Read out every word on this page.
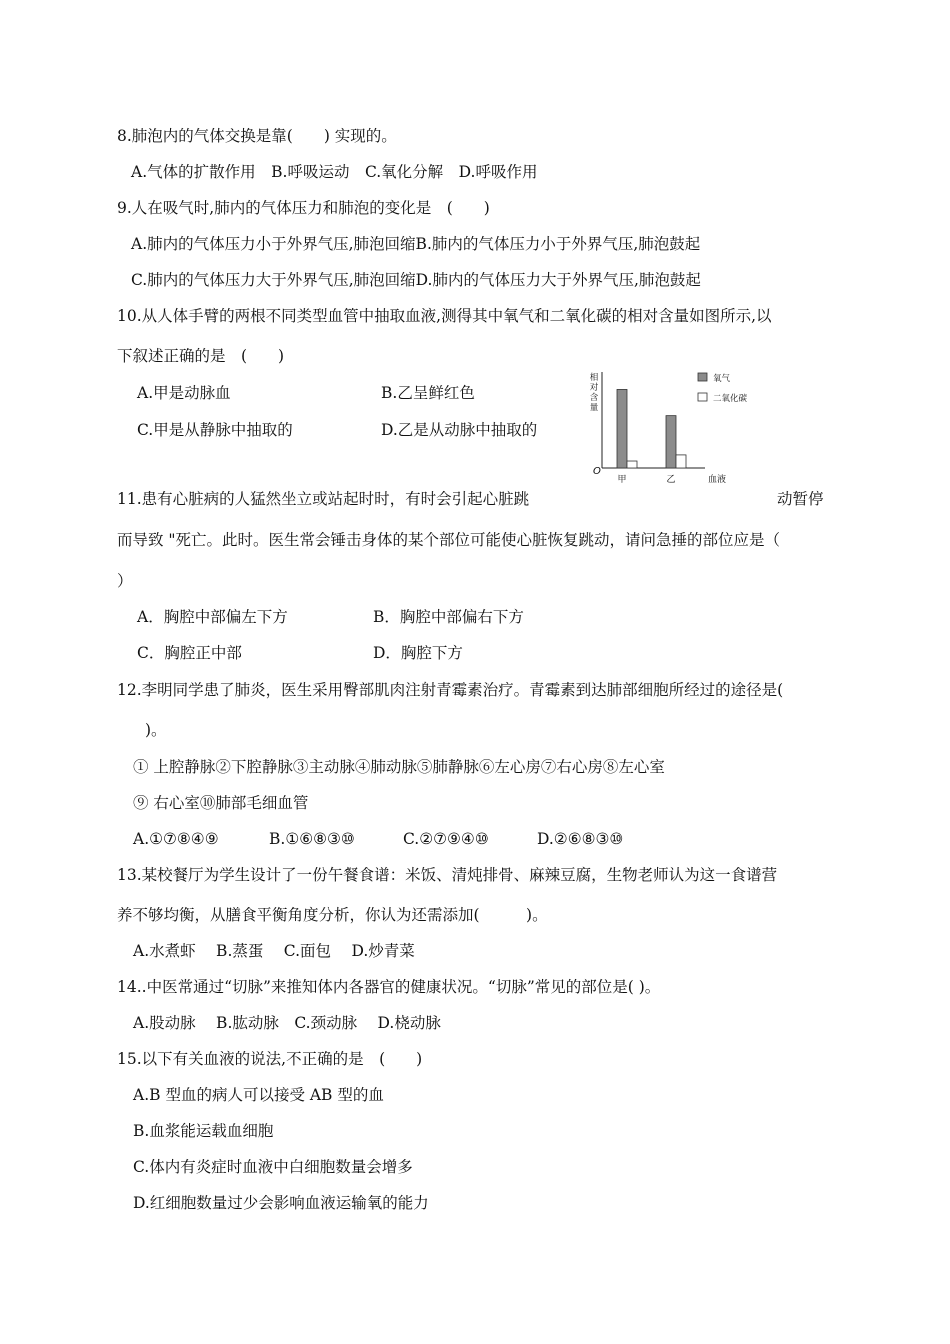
8.肺泡内的气体交换是靠(　　) 实现的。
A.气体的扩散作用　B.呼吸运动　C.氧化分解　D.呼吸作用
9.人在吸气时,肺内的气体压力和肺泡的变化是　(　　)
A.肺内的气体压力小于外界气压,肺泡回缩B.肺内的气体压力小于外界气压,肺泡鼓起
C.肺内的气体压力大于外界气压,肺泡回缩D.肺内的气体压力大于外界气压,肺泡鼓起
10.从人体手臂的两根不同类型血管中抽取血液,测得其中氧气和二氧化碳的相对含量如图所示,以
下叙述正确的是　(　　)
A.甲是动脉血	B.乙呈鲜红色
C.甲是从静脉中抽取的	D.乙是从动脉中抽取的
相
对
含
量
O
血液
甲	乙
氧气
二氧化碳
11.患有心脏病的人猛然坐立或站起时时，有时会引起心脏跳	动暂停
而导致 "死亡。此时。医生常会锤击身体的某个部位可能使心脏恢复跳动，请问急捶的部位应是（
）
A．胸腔中部偏左下方	B．胸腔中部偏右下方
C．胸腔正中部	D．胸腔下方
12.李明同学患了肺炎，医生采用臀部肌肉注射青霉素治疗。青霉素到达肺部细胞所经过的途径是(
)。
① 上腔静脉②下腔静脉③主动脉④肺动脉⑤肺静脉⑥左心房⑦右心房⑧左心室
⑨ 右心室⑩肺部毛细血管
A.①⑦⑧④⑨	B.①⑥⑧③⑩	C.②⑦⑨④⑩	D.②⑥⑧③⑩
13.某校餐厅为学生设计了一份午餐食谱：米饭、清炖排骨、麻辣豆腐，生物老师认为这一食谱营
养不够均衡，从膳食平衡角度分析，你认为还需添加(　　　)。
A.水煮虾　 B.蒸蛋　 C.面包　 D.炒青菜
14..中医常通过“切脉”来推知体内各器官的健康状况。“切脉”常见的部位是( )。
A.股动脉　 B.肱动脉　C.颈动脉　 D.桡动脉
15.以下有关血液的说法,不正确的是　(　　)
A.B 型血的病人可以接受 AB 型的血
B.血浆能运载血细胞
C.体内有炎症时血液中白细胞数量会增多
D.红细胞数量过少会影响血液运输氧的能力
